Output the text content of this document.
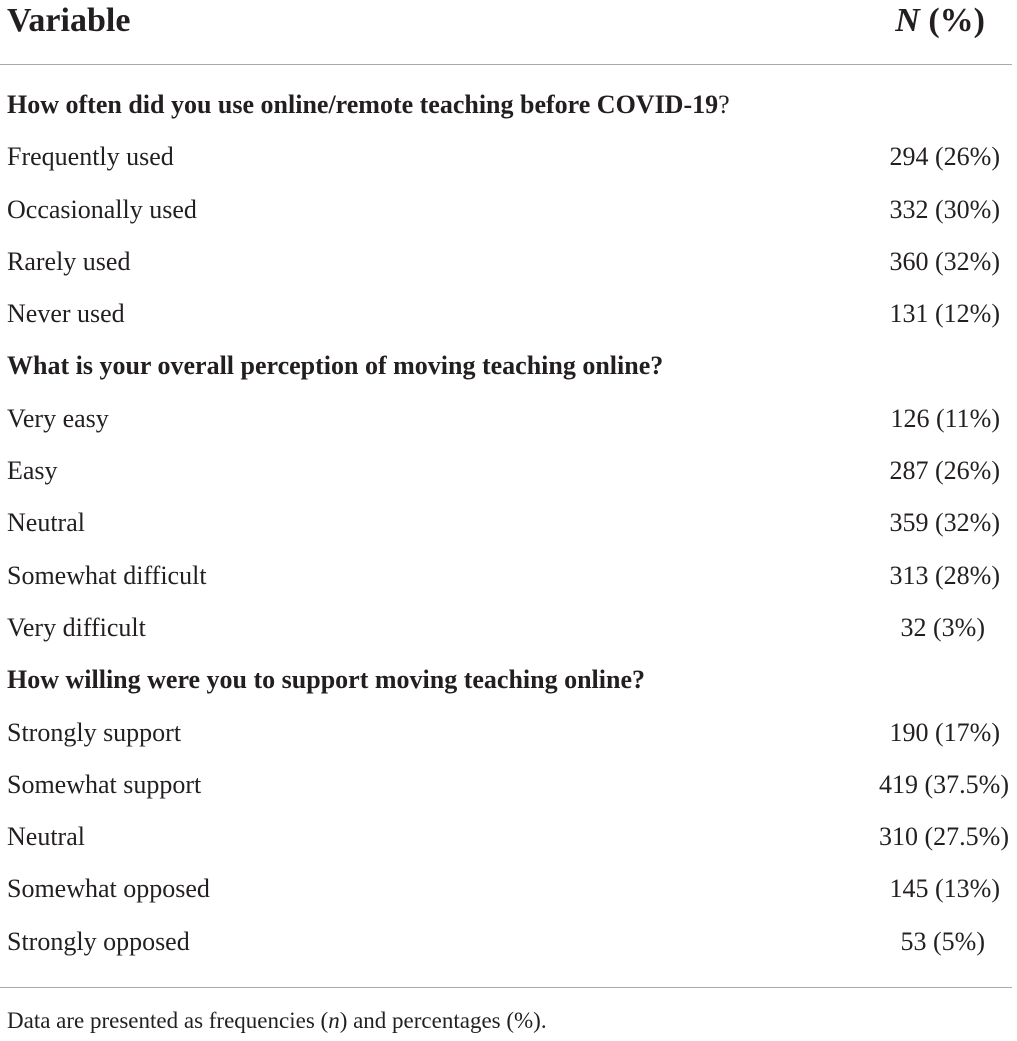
Variable	N (%)
How often did you use online/remote teaching before COVID-19?
Frequently used	294 (26%)
Occasionally used	332 (30%)
Rarely used	360 (32%)
Never used	131 (12%)
What is your overall perception of moving teaching online?
Very easy	126 (11%)
Easy	287 (26%)
Neutral	359 (32%)
Somewhat difficult	313 (28%)
Very difficult	32 (3%)
How willing were you to support moving teaching online?
Strongly support	190 (17%)
Somewhat support	419 (37.5%)
Neutral	310 (27.5%)
Somewhat opposed	145 (13%)
Strongly opposed	53 (5%)
Data are presented as frequencies (n) and percentages (%).
